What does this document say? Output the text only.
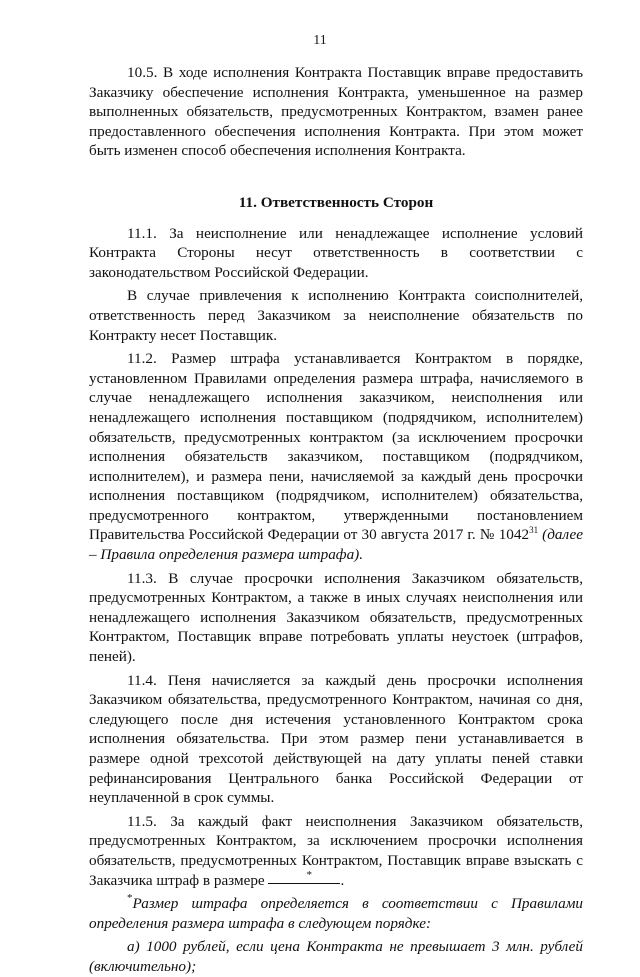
11

10.5. В ходе исполнения Контракта Поставщик вправе предоставить Заказчику обеспечение исполнения Контракта, уменьшенное на размер выполненных обязательств, предусмотренных Контрактом, взамен ранее предоставленного обеспечения исполнения Контракта. При этом может быть изменен способ обеспечения исполнения Контракта.

11. Ответственность Сторон

11.1. За неисполнение или ненадлежащее исполнение условий Контракта Стороны несут ответственность в соответствии с законодательством Российской Федерации.

В случае привлечения к исполнению Контракта соисполнителей, ответственность перед Заказчиком за неисполнение обязательств по Контракту несет Поставщик.

11.2. Размер штрафа устанавливается Контрактом в порядке, установленном Правилами определения размера штрафа, начисляемого в случае ненадлежащего исполнения заказчиком, неисполнения или ненадлежащего исполнения поставщиком (подрядчиком, исполнителем) обязательств, предусмотренных контрактом (за исключением просрочки исполнения обязательств заказчиком, поставщиком (подрядчиком, исполнителем), и размера пени, начисляемой за каждый день просрочки исполнения поставщиком (подрядчиком, исполнителем) обязательства, предусмотренного контрактом, утвержденными постановлением Правительства Российской Федерации от 30 августа 2017 г. № 1042$^{31}$ (далее – Правила определения размера штрафа).

11.3. В случае просрочки исполнения Заказчиком обязательств, предусмотренных Контрактом, а также в иных случаях неисполнения или ненадлежащего исполнения Заказчиком обязательств, предусмотренных Контрактом, Поставщик вправе потребовать уплаты неустоек (штрафов, пеней).

11.4. Пеня начисляется за каждый день просрочки исполнения Заказчиком обязательства, предусмотренного Контрактом, начиная со дня, следующего после дня истечения установленного Контрактом срока исполнения обязательства. При этом размер пени устанавливается в размере одной трехсотой действующей на дату уплаты пеней ставки рефинансирования Центрального банка Российской Федерации от неуплаченной в срок суммы.

11.5. За каждый факт неисполнения Заказчиком обязательств, предусмотренных Контрактом, за исключением просрочки исполнения обязательств, предусмотренных Контрактом, Поставщик вправе взыскать с Заказчика штраф в размере	* .

*Размер штрафа определяется в соответствии с Правилами определения размера штрафа в следующем порядке:

а) 1000 рублей, если цена Контракта не превышает 3 млн. рублей (включительно);
